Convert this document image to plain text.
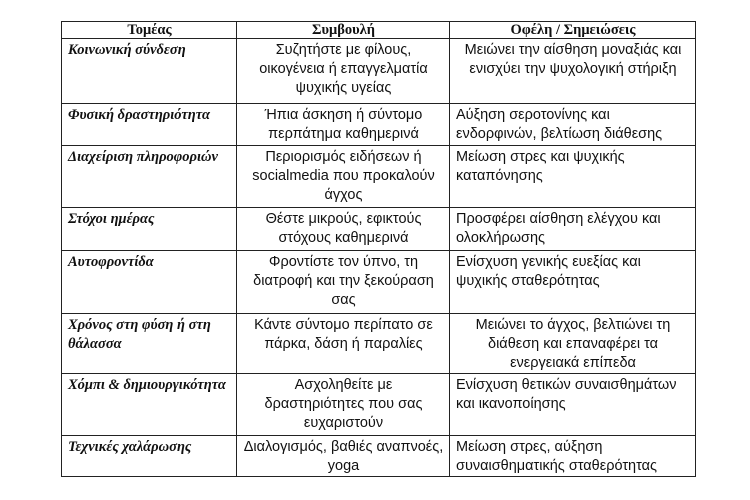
Τομέας	Συμβουλή	Οφέλη / Σημειώσεις
Κοινωνική σύνδεση	Συζητήστε με φίλους, οικογένεια ή επαγγελματία ψυχικής υγείας	Μειώνει την αίσθηση μοναξιάς και ενισχύει την ψυχολογική στήριξη
Φυσική δραστηριότητα	Ήπια άσκηση ή σύντομο περπάτημα καθημερινά	Αύξηση σεροτονίνης και ενδορφινών, βελτίωση διάθεσης
Διαχείριση πληροφοριών	Περιορισμός ειδήσεων ή socialmedia που προκαλούν άγχος	Μείωση στρες και ψυχικής καταπόνησης
Στόχοι ημέρας	Θέστε μικρούς, εφικτούς στόχους καθημερινά	Προσφέρει αίσθηση ελέγχου και ολοκλήρωσης
Αυτοφροντίδα	Φροντίστε τον ύπνο, τη διατροφή και την ξεκούραση σας	Ενίσχυση γενικής ευεξίας και ψυχικής σταθερότητας
Χρόνος στη φύση ή στη θάλασσα	Κάντε σύντομο περίπατο σε πάρκα, δάση ή παραλίες	Μειώνει το άγχος, βελτιώνει τη διάθεση και επαναφέρει τα ενεργειακά επίπεδα
Χόμπι & δημιουργικότητα	Ασχοληθείτε με δραστηριότητες που σας ευχαριστούν	Ενίσχυση θετικών συναισθημάτων και ικανοποίησης
Τεχνικές χαλάρωσης	Διαλογισμός, βαθιές αναπνοές, yoga	Μείωση στρες, αύξηση συναισθηματικής σταθερότητας
